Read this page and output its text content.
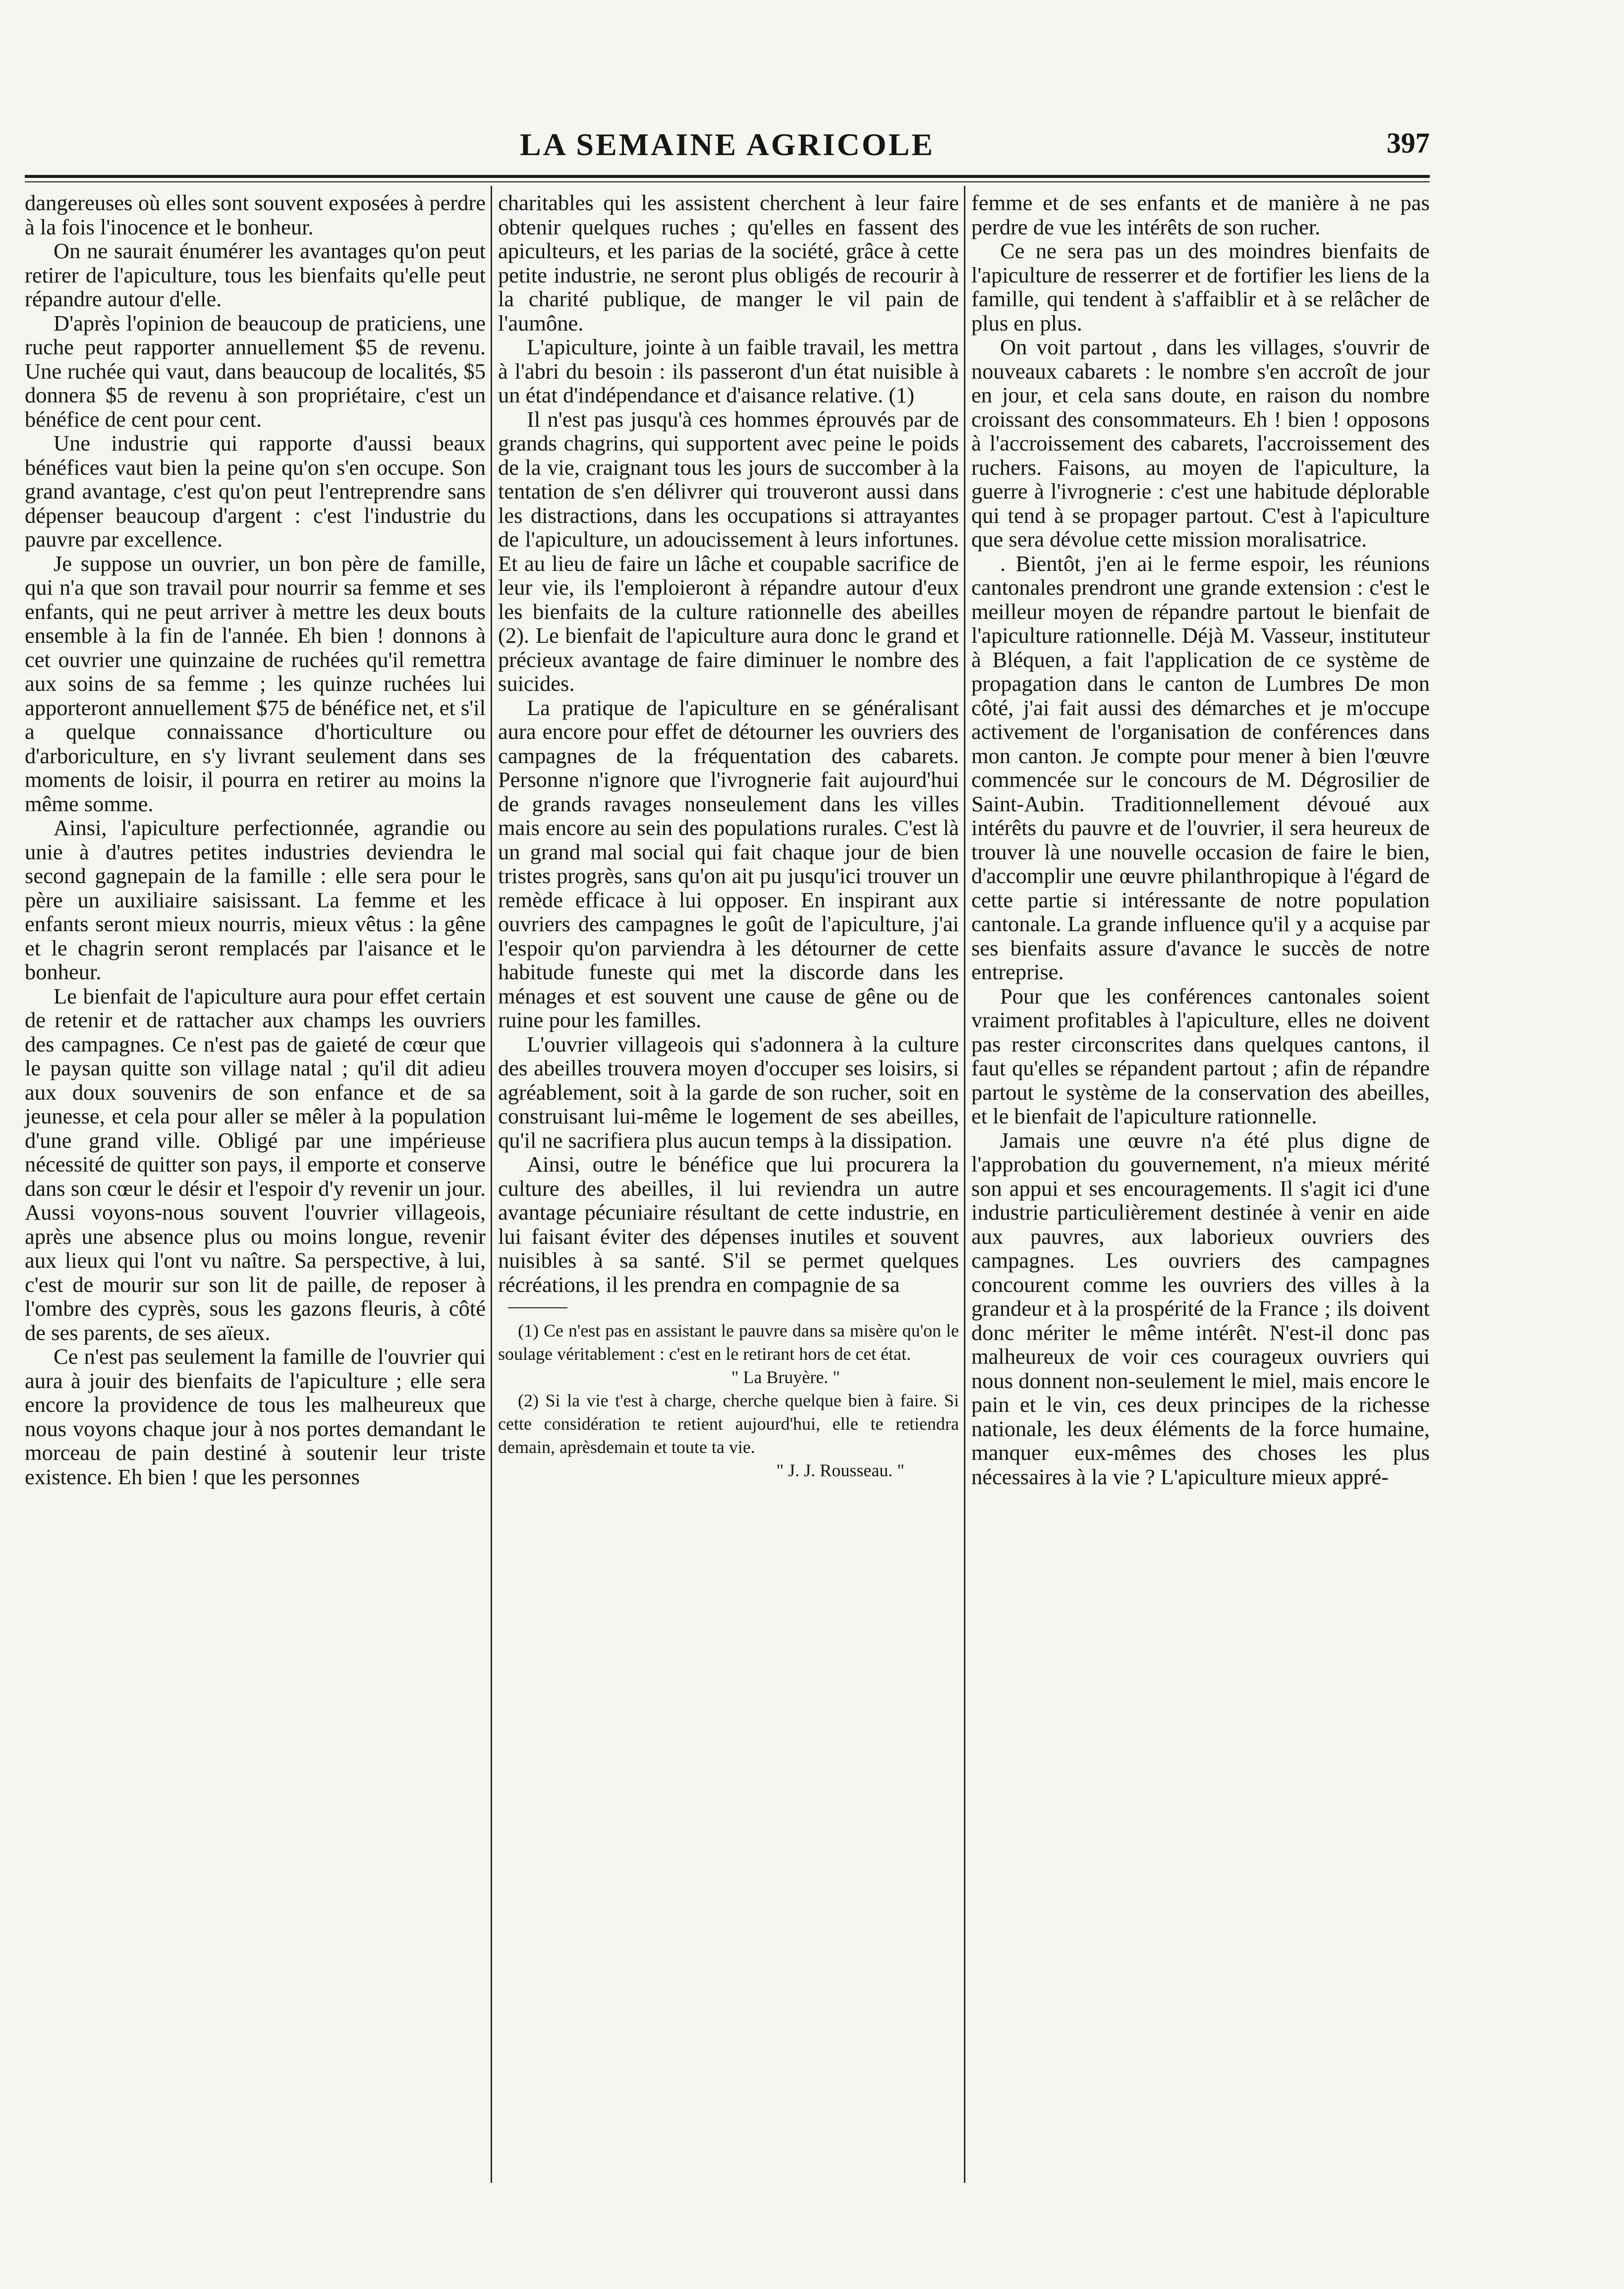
LA SEMAINE AGRICOLE	397

dangereuses où elles sont souvent exposées à perdre à la fois l'inocence et le bonheur.

On ne saurait énumérer les avantages qu'on peut retirer de l'apiculture, tous les bienfaits qu'elle peut répandre autour d'elle.

D'après l'opinion de beaucoup de praticiens, une ruche peut rapporter annuellement $5 de revenu. Une ruchée qui vaut, dans beaucoup de localités, $5 donnera $5 de revenu à son propriétaire, c'est un bénéfice de cent pour cent.

Une industrie qui rapporte d'aussi beaux bénéfices vaut bien la peine qu'on s'en occupe. Son grand avantage, c'est qu'on peut l'entreprendre sans dépenser beaucoup d'argent : c'est l'industrie du pauvre par excellence.

Je suppose un ouvrier, un bon père de famille, qui n'a que son travail pour nourrir sa femme et ses enfants, qui ne peut arriver à mettre les deux bouts ensemble à la fin de l'année. Eh bien ! donnons à cet ouvrier une quinzaine de ruchées qu'il remettra aux soins de sa femme ; les quinze ruchées lui apporteront annuellement $75 de bénéfice net, et s'il a quelque connaissance d'horticulture ou d'arboriculture, en s'y livrant seulement dans ses moments de loisir, il pourra en retirer au moins la même somme.

Ainsi, l'apiculture perfectionnée, agrandie ou unie à d'autres petites industries deviendra le second gagnepain de la famille : elle sera pour le père un auxiliaire saisissant. La femme et les enfants seront mieux nourris, mieux vêtus : la gêne et le chagrin seront remplacés par l'aisance et le bonheur.

Le bienfait de l'apiculture aura pour effet certain de retenir et de rattacher aux champs les ouvriers des campagnes. Ce n'est pas de gaieté de cœur que le paysan quitte son village natal ; qu'il dit adieu aux doux souvenirs de son enfance et de sa jeunesse, et cela pour aller se mêler à la population d'une grand ville. Obligé par une impérieuse nécessité de quitter son pays, il emporte et conserve dans son cœur le désir et l'espoir d'y revenir un jour. Aussi voyons-nous souvent l'ouvrier villageois, après une absence plus ou moins longue, revenir aux lieux qui l'ont vu naître. Sa perspective, à lui, c'est de mourir sur son lit de paille, de reposer à l'ombre des cyprès, sous les gazons fleuris, à côté de ses parents, de ses aïeux.

Ce n'est pas seulement la famille de l'ouvrier qui aura à jouir des bienfaits de l'apiculture ; elle sera encore la providence de tous les malheureux que nous voyons chaque jour à nos portes demandant le morceau de pain destiné à soutenir leur triste existence. Eh bien ! que les personnes

charitables qui les assistent cherchent à leur faire obtenir quelques ruches ; qu'elles en fassent des apiculteurs, et les parias de la société, grâce à cette petite industrie, ne seront plus obligés de recourir à la charité publique, de manger le vil pain de l'aumône.

L'apiculture, jointe à un faible travail, les mettra à l'abri du besoin : ils passeront d'un état nuisible à un état d'indépendance et d'aisance relative. (1)

Il n'est pas jusqu'à ces hommes éprouvés par de grands chagrins, qui supportent avec peine le poids de la vie, craignant tous les jours de succomber à la tentation de s'en délivrer qui trouveront aussi dans les distractions, dans les occupations si attrayantes de l'apiculture, un adoucissement à leurs infortunes. Et au lieu de faire un lâche et coupable sacrifice de leur vie, ils l'emploieront à répandre autour d'eux les bienfaits de la culture rationnelle des abeilles (2). Le bienfait de l'apiculture aura donc le grand et précieux avantage de faire diminuer le nombre des suicides.

La pratique de l'apiculture en se généralisant aura encore pour effet de détourner les ouvriers des campagnes de la fréquentation des cabarets. Personne n'ignore que l'ivrognerie fait aujourd'hui de grands ravages nonseulement dans les villes mais encore au sein des populations rurales. C'est là un grand mal social qui fait chaque jour de bien tristes progrès, sans qu'on ait pu jusqu'ici trouver un remède efficace à lui opposer. En inspirant aux ouvriers des campagnes le goût de l'apiculture, j'ai l'espoir qu'on parviendra à les détourner de cette habitude funeste qui met la discorde dans les ménages et est souvent une cause de gêne ou de ruine pour les familles.

L'ouvrier villageois qui s'adonnera à la culture des abeilles trouvera moyen d'occuper ses loisirs, si agréablement, soit à la garde de son rucher, soit en construisant lui-même le logement de ses abeilles, qu'il ne sacrifiera plus aucun temps à la dissipation.

Ainsi, outre le bénéfice que lui procurera la culture des abeilles, il lui reviendra un autre avantage pécuniaire résultant de cette industrie, en lui faisant éviter des dépenses inutiles et souvent nuisibles à sa santé. S'il se permet quelques récréations, il les prendra en compagnie de sa

(1) Ce n'est pas en assistant le pauvre dans sa misère qu'on le soulage véritablement : c'est en le retirant hors de cet état.

" La Bruyère. "

(2) Si la vie t'est à charge, cherche quelque bien à faire. Si cette considération te retient aujourd'hui, elle te retiendra demain, aprèsdemain et toute ta vie.

" J. J. Rousseau. "

femme et de ses enfants et de manière à ne pas perdre de vue les intérêts de son rucher.

Ce ne sera pas un des moindres bienfaits de l'apiculture de resserrer et de fortifier les liens de la famille, qui tendent à s'affaiblir et à se relâcher de plus en plus.

On voit partout , dans les villages, s'ouvrir de nouveaux cabarets : le nombre s'en accroît de jour en jour, et cela sans doute, en raison du nombre croissant des consommateurs. Eh ! bien ! opposons à l'accroissement des cabarets, l'accroissement des ruchers. Faisons, au moyen de l'apiculture, la guerre à l'ivrognerie : c'est une habitude déplorable qui tend à se propager partout. C'est à l'apiculture que sera dévolue cette mission moralisatrice.

. Bientôt, j'en ai le ferme espoir, les réunions cantonales prendront une grande extension : c'est le meilleur moyen de répandre partout le bienfait de l'apiculture rationnelle. Déjà M. Vasseur, instituteur à Bléquen, a fait l'application de ce système de propagation dans le canton de Lumbres De mon côté, j'ai fait aussi des démarches et je m'occupe activement de l'organisation de conférences dans mon canton. Je compte pour mener à bien l'œuvre commencée sur le concours de M. Dégrosilier de Saint-Aubin. Traditionnellement dévoué aux intérêts du pauvre et de l'ouvrier, il sera heureux de trouver là une nouvelle occasion de faire le bien, d'accomplir une œuvre philanthropique à l'égard de cette partie si intéressante de notre population cantonale. La grande influence qu'il y a acquise par ses bienfaits assure d'avance le succès de notre entreprise.

Pour que les conférences cantonales soient vraiment profitables à l'apiculture, elles ne doivent pas rester circonscrites dans quelques cantons, il faut qu'elles se répandent partout ; afin de répandre partout le système de la conservation des abeilles, et le bienfait de l'apiculture rationnelle.

Jamais une œuvre n'a été plus digne de l'approbation du gouvernement, n'a mieux mérité son appui et ses encouragements. Il s'agit ici d'une industrie particulièrement destinée à venir en aide aux pauvres, aux laborieux ouvriers des campagnes. Les ouvriers des campagnes concourent comme les ouvriers des villes à la grandeur et à la prospérité de la France ; ils doivent donc mériter le même intérêt. N'est-il donc pas malheureux de voir ces courageux ouvriers qui nous donnent non-seulement le miel, mais encore le pain et le vin, ces deux principes de la richesse nationale, les deux éléments de la force humaine, manquer eux-mêmes des choses les plus nécessaires à la vie ? L'apiculture mieux appré-
